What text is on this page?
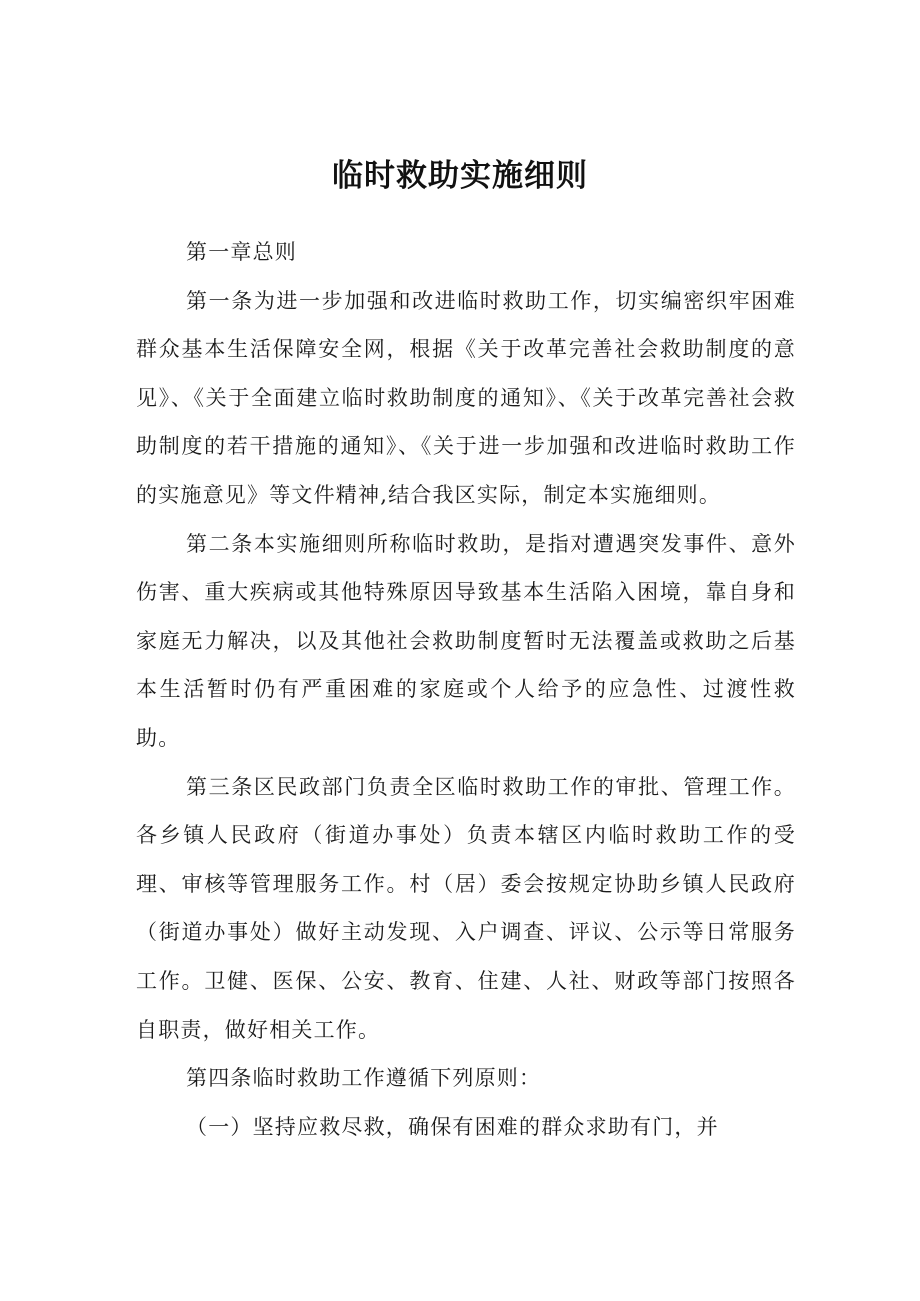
临时救助实施细则

第一章总则

第一条为进一步加强和改进临时救助工作，切实编密织牢困难群众基本生活保障安全网，根据《关于改革完善社会救助制度的意见》、《关于全面建立临时救助制度的通知》、《关于改革完善社会救助制度的若干措施的通知》、《关于进一步加强和改进临时救助工作的实施意见》等文件精神,结合我区实际，制定本实施细则。

第二条本实施细则所称临时救助，是指对遭遇突发事件、意外伤害、重大疾病或其他特殊原因导致基本生活陷入困境，靠自身和家庭无力解决，以及其他社会救助制度暂时无法覆盖或救助之后基本生活暂时仍有严重困难的家庭或个人给予的应急性、过渡性救助。

第三条区民政部门负责全区临时救助工作的审批、管理工作。各乡镇人民政府（街道办事处）负责本辖区内临时救助工作的受理、审核等管理服务工作。村（居）委会按规定协助乡镇人民政府（街道办事处）做好主动发现、入户调查、评议、公示等日常服务工作。卫健、医保、公安、教育、住建、人社、财政等部门按照各自职责，做好相关工作。

第四条临时救助工作遵循下列原则：

（一）坚持应救尽救，确保有困难的群众求助有门，并
